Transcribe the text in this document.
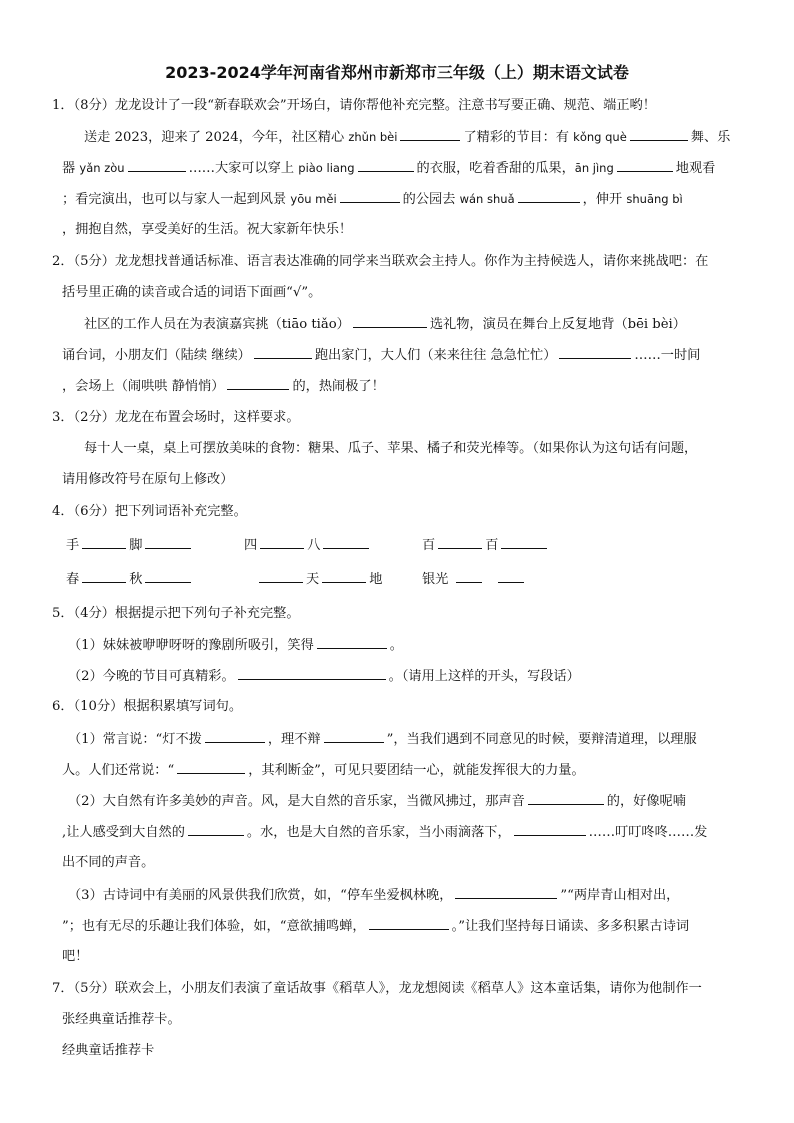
2023-2024学年河南省郑州市新郑市三年级（上）期末语文试卷
1．（8分）龙龙设计了一段“新春联欢会”开场白，请你帮他补充完整。注意书写要正确、规范、端正哟！
送走 2023，迎来了 2024，今年，社区精心 zhǔn bèi	了精彩的节目：有 kǒng què	舞、乐
器 yǎn zòu	……大家可以穿上 piào liang	的衣服，吃着香甜的瓜果，ān jìng	地观看
；看完演出，也可以与家人一起到风景 yōu měi	的公园去 wán shuǎ	，伸开 shuāng bì
，拥抱自然，享受美好的生活。祝大家新年快乐！
2．（5分）龙龙想找普通话标准、语言表达准确的同学来当联欢会主持人。你作为主持候选人，请你来挑战吧：在
括号里正确的读音或合适的词语下面画“√”。
社区的工作人员在为表演嘉宾挑（tiāo tiǎo）	选礼物，演员在舞台上反复地背（bēi bèi）
诵台词，小朋友们（陆续 继续）	跑出家门，大人们（来来往往 急急忙忙）	……一时间
，会场上（闹哄哄 静悄悄）	的，热闹极了！
3．（2分）龙龙在布置会场时，这样要求。
每十人一桌，桌上可摆放美味的食物：糖果、瓜子、苹果、橘子和荧光棒等。（如果你认为这句话有问题，
请用修改符号在原句上修改）
4．（6分）把下列词语补充完整。
手	脚	四	八	百	百
春	秋	天	地	银光
5．（4分）根据提示把下列句子补充完整。
（1）妹妹被咿咿呀呀的豫剧所吸引，笑得	。
（2）今晚的节目可真精彩。	。（请用上这样的开头，写段话）
6．（10分）根据积累填写词句。
（1）常言说：“灯不拨	，理不辩	”，当我们遇到不同意见的时候，要辩清道理，以理服
人。人们还常说：“	，其利断金”，可见只要团结一心，就能发挥很大的力量。
（2）大自然有许多美妙的声音。风，是大自然的音乐家，当微风拂过，那声音	的，好像呢喃
,让人感受到大自然的	。水，也是大自然的音乐家，当小雨滴落下，	……叮叮咚咚……发
出不同的声音。
（3）古诗词中有美丽的风景供我们欣赏，如，“停车坐爱枫林晚，	”“两岸青山相对出，
”；也有无尽的乐趣让我们体验，如，“意欲捕鸣蝉，	。”让我们坚持每日诵读、多多积累古诗词
吧！
7．（5分）联欢会上，小朋友们表演了童话故事《稻草人》，龙龙想阅读《稻草人》这本童话集，请你为他制作一
张经典童话推荐卡。
经典童话推荐卡
